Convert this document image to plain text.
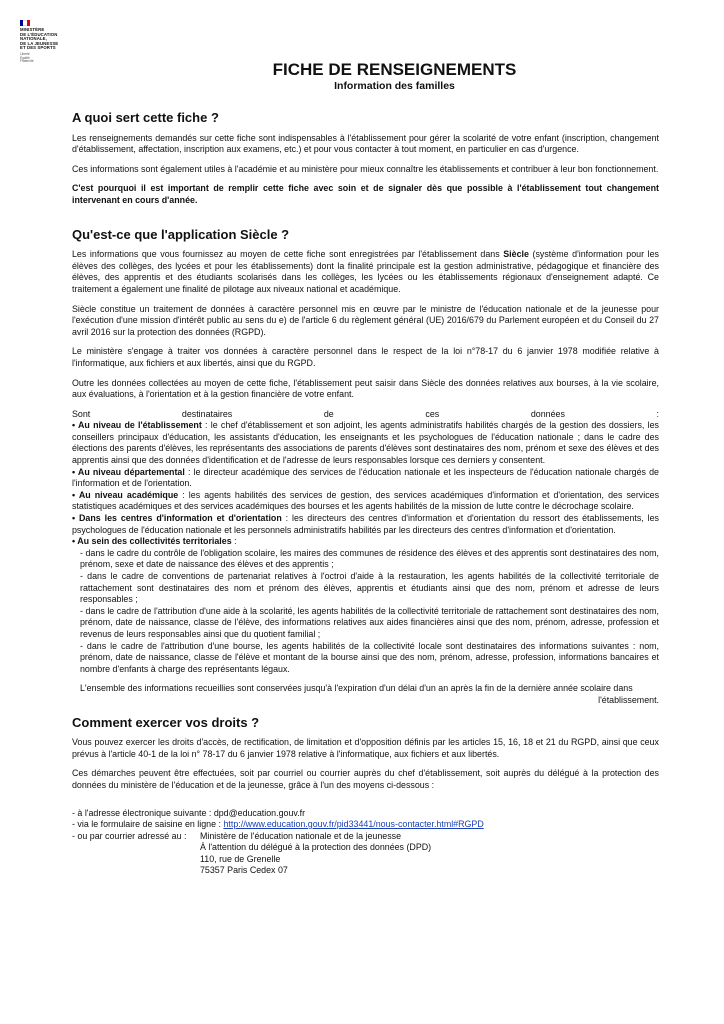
MINISTÈRE
DE L'ÉDUCATION
NATIONALE,
DE LA JEUNESSE
ET DES SPORTS
Liberté
Égalité
Fraternité	FICHE DE RENSEIGNEMENTS
Information des familles
A quoi sert cette fiche ?

Les renseignements demandés sur cette fiche sont indispensables à l'établissement pour gérer la scolarité de votre enfant (inscription, changement d'établissement, affectation, inscription aux examens, etc.) et pour vous contacter à tout moment, en particulier en cas d'urgence.

Ces informations sont également utiles à l'académie et au ministère pour mieux connaître les établissements et contribuer à leur bon fonctionnement.

C'est pourquoi il est important de remplir cette fiche avec soin et de signaler dès que possible à l'établissement tout changement intervenant en cours d'année.

Qu'est-ce que l'application Siècle ?

Les informations que vous fournissez au moyen de cette fiche sont enregistrées par l'établissement dans Siècle (système d'information pour les élèves des collèges, des lycées et pour les établissements) dont la finalité principale est la gestion administrative, pédagogique et financière des élèves, des apprentis et des étudiants scolarisés dans les collèges, les lycées ou les établissements régionaux d'enseignement adapté. Ce traitement a également une finalité de pilotage aux niveaux national et académique.

Siècle constitue un traitement de données à caractère personnel mis en œuvre par le ministre de l'éducation nationale et de la jeunesse pour l'exécution d'une mission d'intérêt public au sens du e) de l'article 6 du règlement général (UE) 2016/679 du Parlement européen et du Conseil du 27 avril 2016 sur la protection des données (RGPD).

Le ministère s'engage à traiter vos données à caractère personnel dans le respect de la loi n°78-17 du 6 janvier 1978 modifiée relative à l'informatique, aux fichiers et aux libertés, ainsi que du RGPD.

Outre les données collectées au moyen de cette fiche, l'établissement peut saisir dans Siècle des données relatives aux bourses, à la vie scolaire, aux évaluations, à l'orientation et à la gestion financière de votre enfant.

Sont destinataires de ces données :

• Au niveau de l'établissement : le chef d'établissement et son adjoint, les agents administratifs habilités chargés de la gestion des dossiers, les conseillers principaux d'éducation, les assistants d'éducation, les enseignants et les psychologues de l'éducation nationale ; dans le cadre des élections des parents d'élèves, les représentants des associations de parents d'élèves sont destinataires des nom, prénom et sexe des élèves et des apprentis ainsi que des données d'identification et de l'adresse de leurs responsables lorsque ces derniers y consentent.

• Au niveau départemental : le directeur académique des services de l'éducation nationale et les inspecteurs de l'éducation nationale chargés de l'information et de l'orientation.

• Au niveau académique : les agents habilités des services de gestion, des services académiques d'information et d'orientation, des services statistiques académiques et des services académiques des bourses et les agents habilités de la mission de lutte contre le décrochage scolaire.

• Dans les centres d'information et d'orientation : les directeurs des centres d'information et d'orientation du ressort des établissements, les psychologues de l'éducation nationale et les personnels administratifs habilités par les directeurs des centres d'information et d'orientation.

• Au sein des collectivités territoriales :

- dans le cadre du contrôle de l'obligation scolaire, les maires des communes de résidence des élèves et des apprentis sont destinataires des nom, prénom, sexe et date de naissance des élèves et des apprentis ;

- dans le cadre de conventions de partenariat relatives à l'octroi d'aide à la restauration, les agents habilités de la collectivité territoriale de rattachement sont destinataires des nom et prénom des élèves, apprentis et étudiants ainsi que des nom, prénom et adresse de leurs responsables ;

- dans le cadre de l'attribution d'une aide à la scolarité, les agents habilités de la collectivité territoriale de rattachement sont destinataires des nom, prénom, date de naissance, classe de l'élève, des informations relatives aux aides financières ainsi que des nom, prénom, adresse, profession et revenus de leurs responsables ainsi que du quotient familial ;

- dans le cadre de l'attribution d'une bourse, les agents habilités de la collectivité locale sont destinataires des informations suivantes : nom, prénom, date de naissance, classe de l'élève et montant de la bourse ainsi que des nom, prénom, adresse, profession, informations bancaires et nombre d'enfants à charge des représentants légaux.

L'ensemble des informations recueillies sont conservées jusqu'à l'expiration d'un délai d'un an après la fin de la dernière année scolaire dans

l'établissement.

Comment exercer vos droits ?

Vous pouvez exercer les droits d'accès, de rectification, de limitation et d'opposition définis par les articles 15, 16, 18 et 21 du RGPD, ainsi que ceux prévus à l'article 40-1 de la loi n° 78-17 du 6 janvier 1978 relative à l'informatique, aux fichiers et aux libertés.

Ces démarches peuvent être effectuées, soit par courriel ou courrier auprès du chef d'établissement, soit auprès du délégué à la protection des données du ministère de l'éducation et de la jeunesse, grâce à l'un des moyens ci-dessous :

- à l'adresse électronique suivante : dpd@education.gouv.fr

- via le formulaire de saisine en ligne : http://www.education.gouv.fr/pid33441/nous-contacter.html#RGPD

- ou par courrier adressé au : Ministère de l'éducation nationale et de la jeunesse
À l'attention du délégué à la protection des données (DPD)
110, rue de Grenelle
75357 Paris Cedex 07
